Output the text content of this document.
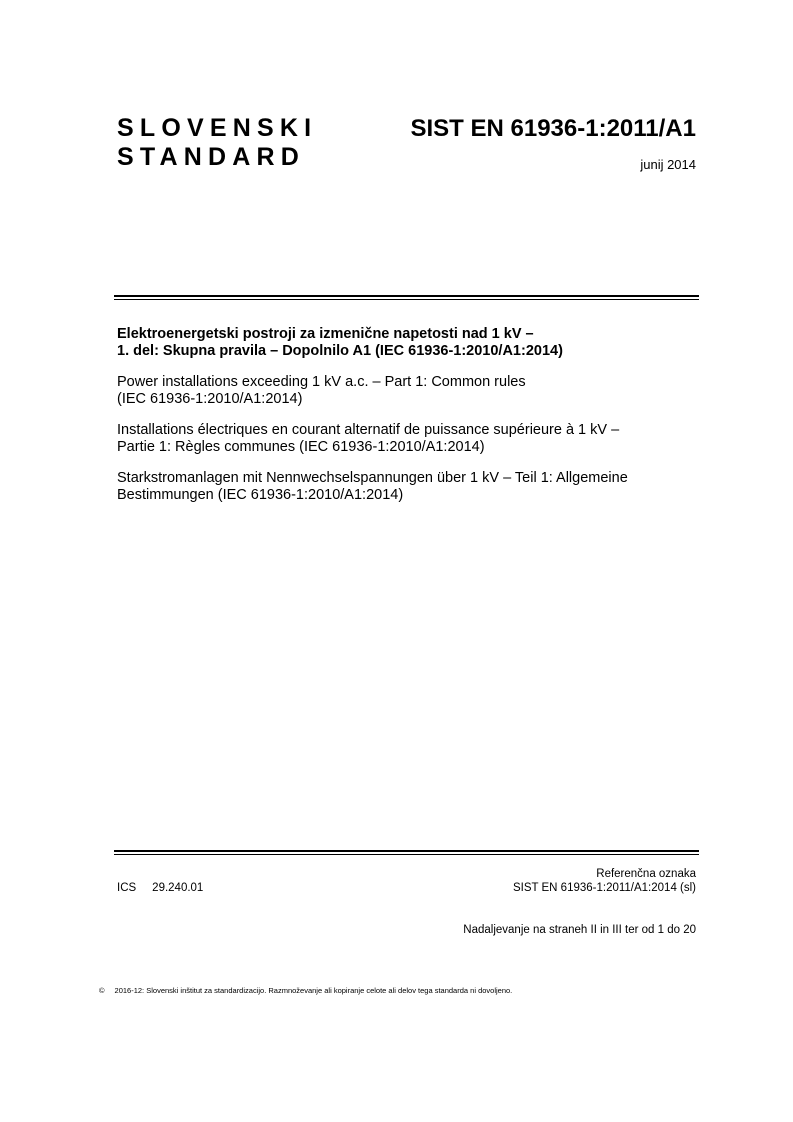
SLOVENSKI
STANDARD
SIST EN 61936-1:2011/A1
junij 2014

Elektroenergetski postroji za izmenične napetosti nad 1 kV –
1. del: Skupna pravila – Dopolnilo A1 (IEC 61936-1:2010/A1:2014)

Power installations exceeding 1 kV a.c. – Part 1: Common rules
(IEC 61936-1:2010/A1:2014)

Installations électriques en courant alternatif de puissance supérieure à 1 kV –
Partie 1: Règles communes (IEC 61936-1:2010/A1:2014)

Starkstromanlagen mit Nennwechselspannungen über 1 kV – Teil 1: Allgemeine
Bestimmungen (IEC 61936-1:2010/A1:2014)

Referenčna oznaka
SIST EN 61936-1:2011/A1:2014 (sl)
ICS 29.240.01
Nadaljevanje na straneh II in III ter od 1 do 20
© 2016-12: Slovenski inštitut za standardizacijo. Razmnoževanje ali kopiranje celote ali delov tega standarda ni dovoljeno.
